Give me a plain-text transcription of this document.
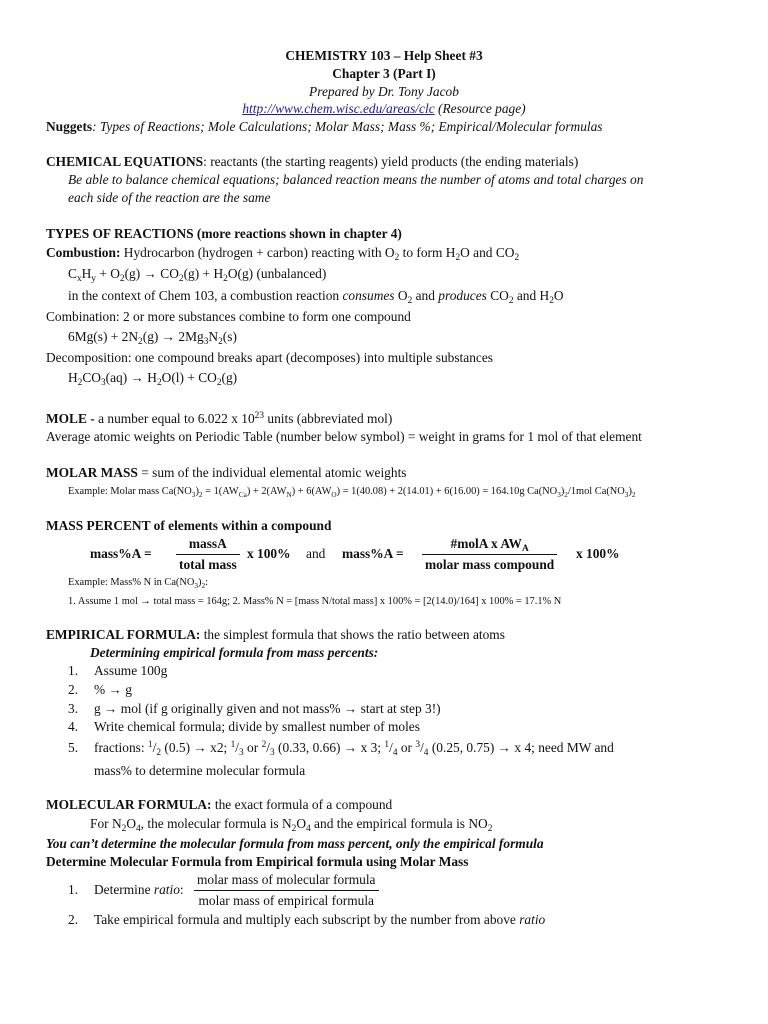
CHEMISTRY 103 – Help Sheet #3
Chapter 3 (Part I)
Prepared by Dr. Tony Jacob
http://www.chem.wisc.edu/areas/clc (Resource page)
Nuggets: Types of Reactions; Mole Calculations; Molar Mass; Mass %; Empirical/Molecular formulas
CHEMICAL EQUATIONS: reactants (the starting reagents) yield products (the ending materials)
Be able to balance chemical equations; balanced reaction means the number of atoms and total charges on
each side of the reaction are the same
TYPES OF REACTIONS (more reactions shown in chapter 4)
Combustion: Hydrocarbon (hydrogen + carbon) reacting with $O_2$ to form $H_2O$ and $CO_2$
$C_xH_y + O_2(g) \to CO_2(g) + H_2O(g)$ (unbalanced)
in the context of Chem 103, a combustion reaction consumes $O_2$ and produces $CO_2$ and $H_2O$
Combination: 2 or more substances combine to form one compound
$6Mg(s) + 2N_2(g) \to 2Mg_3N_2(s)$
Decomposition: one compound breaks apart (decomposes) into multiple substances
$H_2CO_3(aq) \to H_2O(l) + CO_2(g)$
MOLE - a number equal to 6.022 x $10^{23}$ units (abbreviated mol)
Average atomic weights on Periodic Table (number below symbol) = weight in grams for 1 mol of that element
MOLAR MASS = sum of the individual elemental atomic weights
Example: Molar mass $Ca(NO_3)_2 = 1(AW_{Ca}) + 2(AW_N) + 6(AW_O) = 1(40.08) + 2(14.01) + 6(16.00) = 164.10g$ $Ca(NO_3)_2/1mol$ $Ca(NO_3)_2$
MASS PERCENT of elements within a compound
mass%A =
massA
total mass
x 100% and mass%A =
#molA x $AW_A$
molar mass compound
x 100%
Example: Mass% N in $Ca(NO_3)_2$:
1. Assume 1 mol → total mass = 164g; 2. Mass% N = [mass N/total mass] x 100% = [2(14.0)/164] x 100% = 17.1% N
EMPIRICAL FORMULA: the simplest formula that shows the ratio between atoms
Determining empirical formula from mass percents:
1. Assume 100g
2. % → g
3. g → mol (if g originally given and not mass% → start at step 3!)
4. Write chemical formula; divide by smallest number of moles
5. fractions: $^1/_2$ (0.5) → x2; $^1/_3$ or $^2/_3$ (0.33, 0.66) → x 3; $^1/_4$ or $^3/_4$ (0.25, 0.75) → x 4; need MW and
mass% to determine molecular formula
MOLECULAR FORMULA: the exact formula of a compound
For $N_2O_4$, the molecular formula is $N_2O_4$ and the empirical formula is $NO_2$
You can’t determine the molecular formula from mass percent, only the empirical formula
Determine Molecular Formula from Empirical formula using Molar Mass
1. Determine ratio:
molar mass of molecular formula
molar mass of empirical formula
2. Take empirical formula and multiply each subscript by the number from above ratio
